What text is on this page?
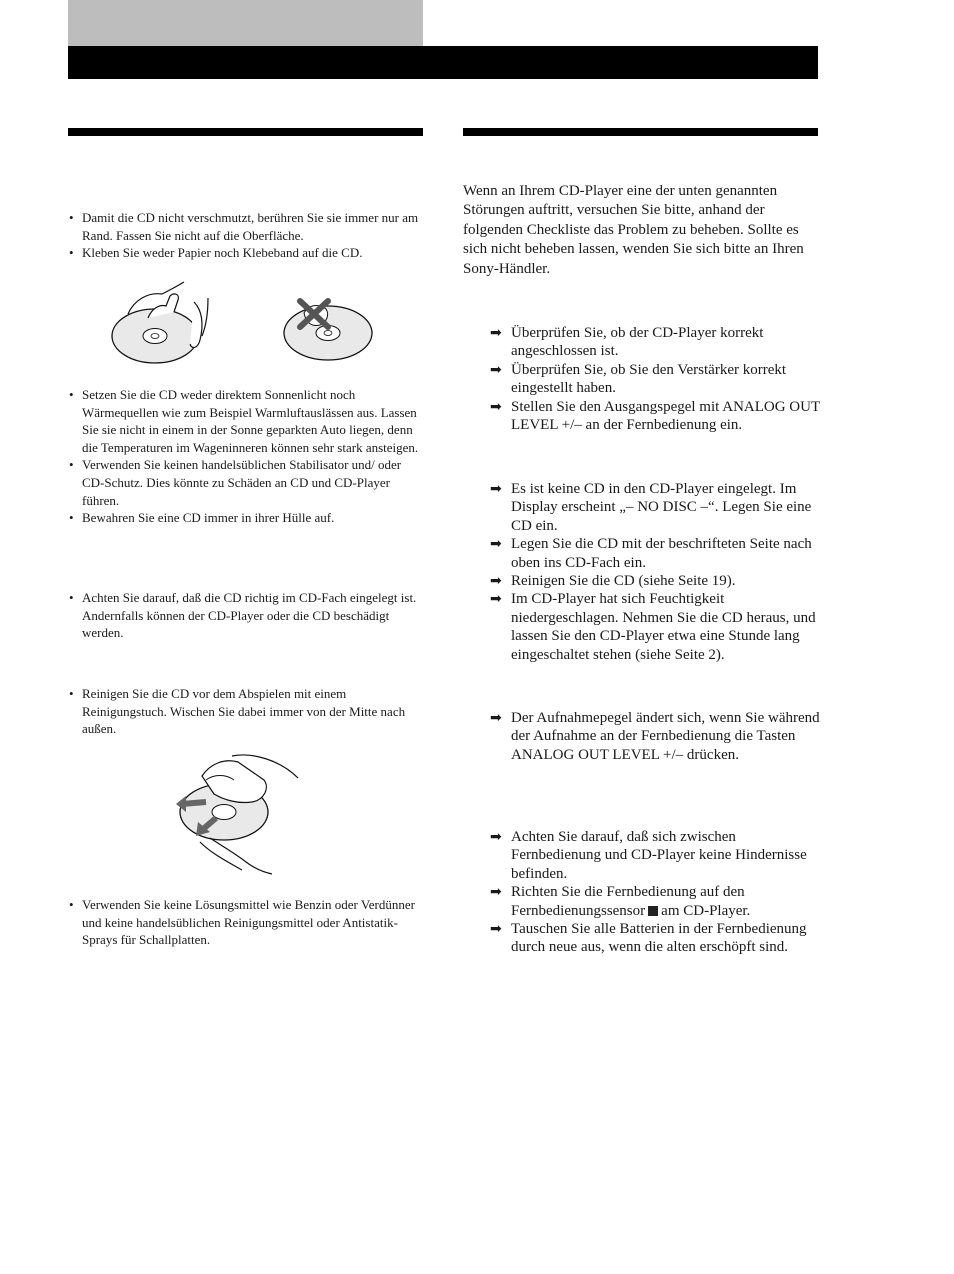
• Damit die CD nicht verschmutzt, berühren Sie sie immer nur am Rand. Fassen Sie nicht auf die Oberfläche.
• Kleben Sie weder Papier noch Klebeband auf die CD.
• Setzen Sie die CD weder direktem Sonnenlicht noch Wärmequellen wie zum Beispiel Warmluftauslässen aus. Lassen Sie sie nicht in einem in der Sonne geparkten Auto liegen, denn die Temperaturen im Wageninneren können sehr stark ansteigen.
• Verwenden Sie keinen handelsüblichen Stabilisator und/ oder CD-Schutz. Dies könnte zu Schäden an CD und CD-Player führen.
• Bewahren Sie eine CD immer in ihrer Hülle auf.
• Achten Sie darauf, daß die CD richtig im CD-Fach eingelegt ist. Andernfalls können der CD-Player oder die CD beschädigt werden.
• Reinigen Sie die CD vor dem Abspielen mit einem Reinigungstuch. Wischen Sie dabei immer von der Mitte nach außen.
• Verwenden Sie keine Lösungsmittel wie Benzin oder Verdünner und keine handelsüblichen Reinigungsmittel oder Antistatik-Sprays für Schallplatten.
Wenn an Ihrem CD-Player eine der unten genannten Störungen auftritt, versuchen Sie bitte, anhand der folgenden Checkliste das Problem zu beheben. Sollte es sich nicht beheben lassen, wenden Sie sich bitte an Ihren Sony-Händler.
➡ Überprüfen Sie, ob der CD-Player korrekt angeschlossen ist.
➡ Überprüfen Sie, ob Sie den Verstärker korrekt eingestellt haben.
➡ Stellen Sie den Ausgangspegel mit ANALOG OUT LEVEL +/– an der Fernbedienung ein.
➡ Es ist keine CD in den CD-Player eingelegt. Im Display erscheint „– NO DISC –“. Legen Sie eine CD ein.
➡ Legen Sie die CD mit der beschrifteten Seite nach oben ins CD-Fach ein.
➡ Reinigen Sie die CD (siehe Seite 19).
➡ Im CD-Player hat sich Feuchtigkeit niedergeschlagen. Nehmen Sie die CD heraus, und lassen Sie den CD-Player etwa eine Stunde lang eingeschaltet stehen (siehe Seite 2).
➡ Der Aufnahmepegel ändert sich, wenn Sie während der Aufnahme an der Fernbedienung die Tasten ANALOG OUT LEVEL +/– drücken.
➡ Achten Sie darauf, daß sich zwischen Fernbedienung und CD-Player keine Hindernisse befinden.
➡ Richten Sie die Fernbedienung auf den Fernbedienungssensor am CD-Player.
➡ Tauschen Sie alle Batterien in der Fernbedienung durch neue aus, wenn die alten erschöpft sind.
